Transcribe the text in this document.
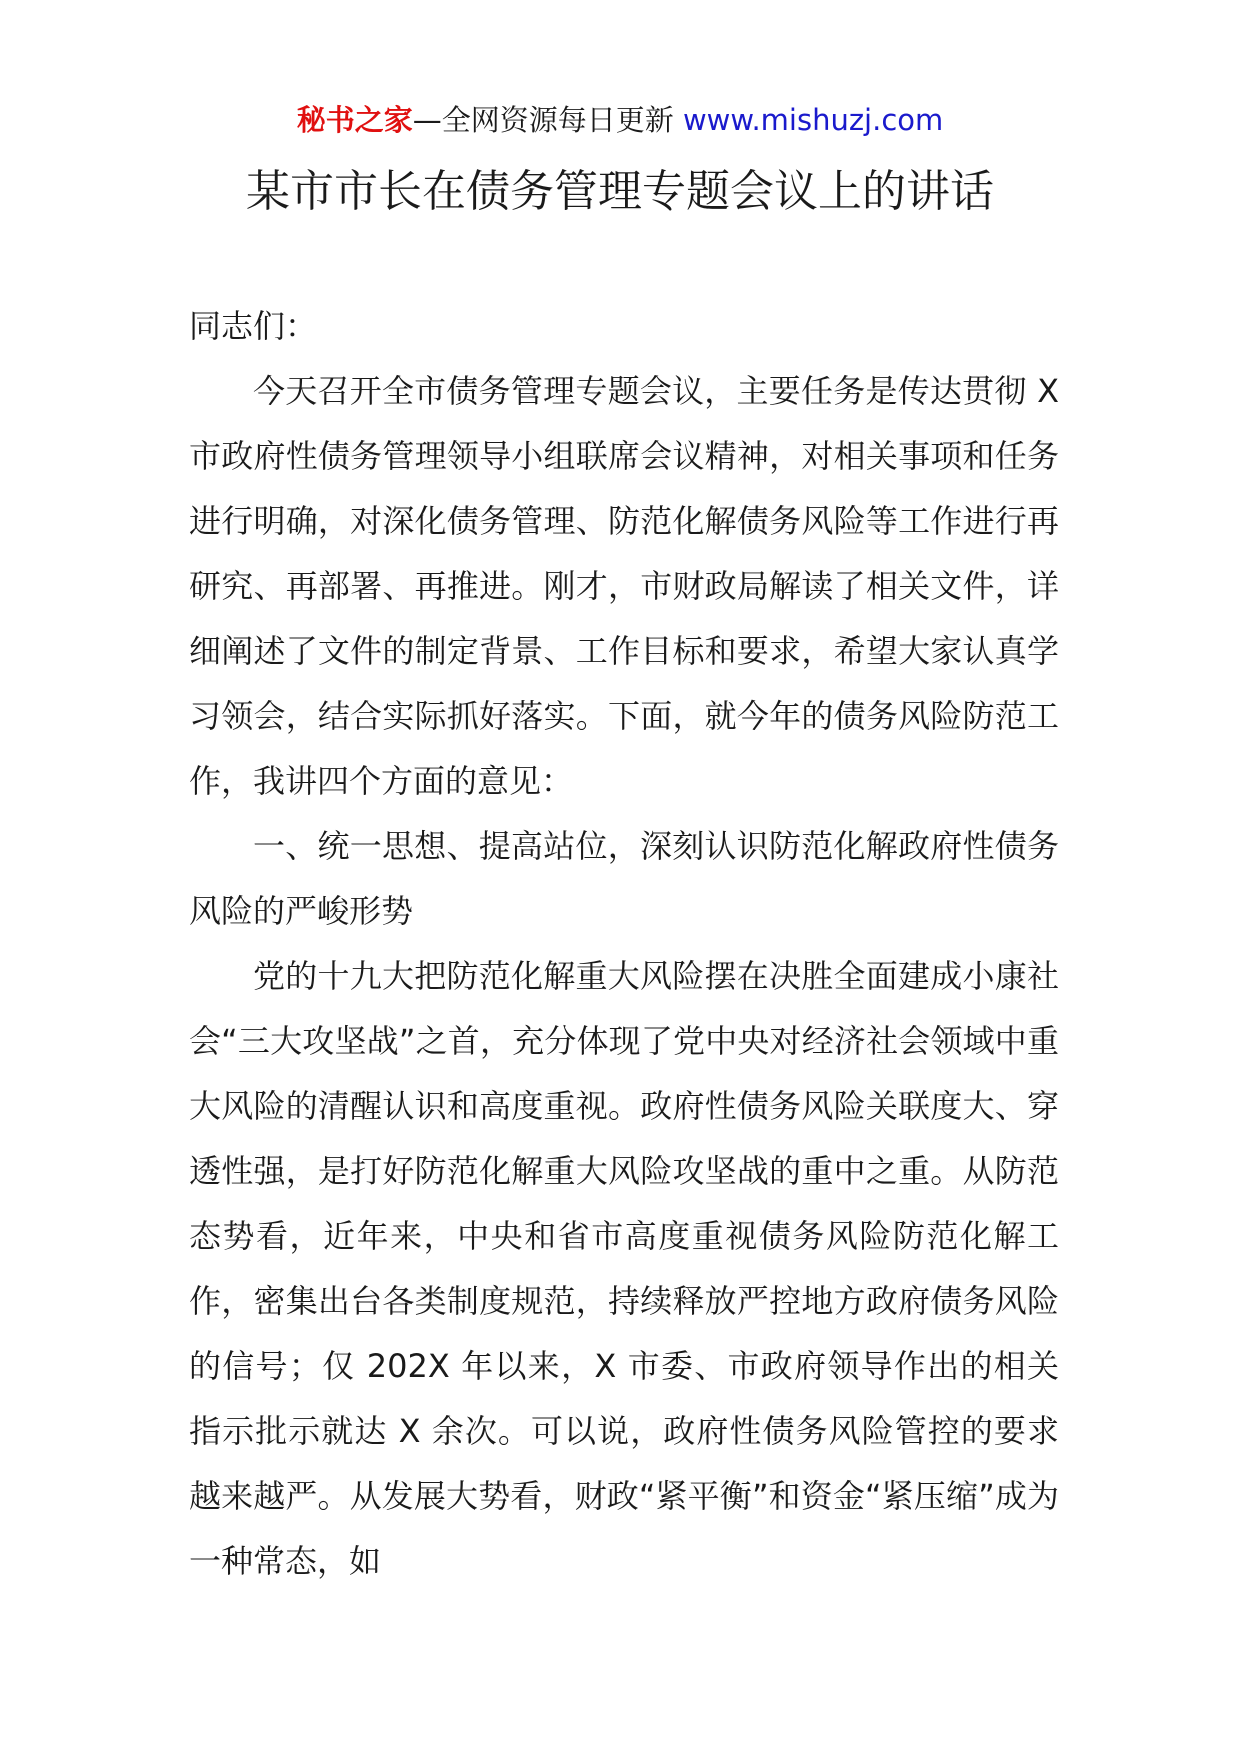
秘书之家—全网资源每日更新 www.mishuzj.com
某市市长在债务管理专题会议上的讲话

同志们：

今天召开全市债务管理专题会议，主要任务是传达贯彻 X 市政府性债务管理领导小组联席会议精神，对相关事项和任务进行明确，对深化债务管理、防范化解债务风险等工作进行再研究、再部署、再推进。刚才，市财政局解读了相关文件，详细阐述了文件的制定背景、工作目标和要求，希望大家认真学习领会，结合实际抓好落实。下面，就今年的债务风险防范工作，我讲四个方面的意见：

一、统一思想、提高站位，深刻认识防范化解政府性债务风险的严峻形势

党的十九大把防范化解重大风险摆在决胜全面建成小康社会“三大攻坚战”之首，充分体现了党中央对经济社会领域中重大风险的清醒认识和高度重视。政府性债务风险关联度大、穿透性强，是打好防范化解重大风险攻坚战的重中之重。从防范态势看，近年来，中央和省市高度重视债务风险防范化解工作，密集出台各类制度规范，持续释放严控地方政府债务风险的信号；仅 202X 年以来，X 市委、市政府领导作出的相关指示批示就达 X 余次。可以说，政府性债务风险管控的要求越来越严。从发展大势看，财政“紧平衡”和资金“紧压缩”成为一种常态，如
